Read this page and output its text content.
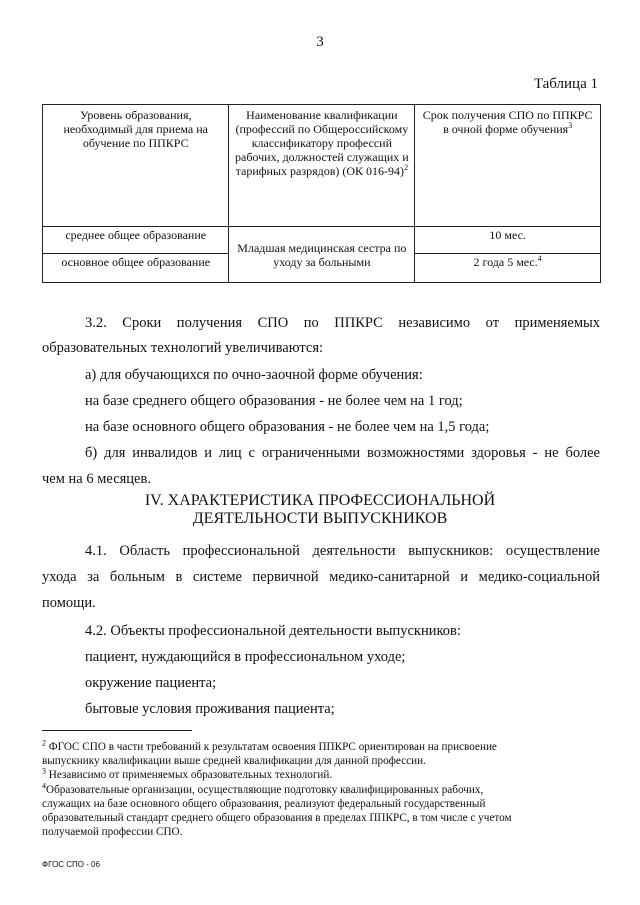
3
Таблица 1
Уровень образования, необходимый для приема на обучение по ППКРС	Наименование квалификации (профессий по Общероссийскому классификатору профессий рабочих, должностей служащих и тарифных разрядов) (ОК 016-94)$^2$	Срок получения СПО по ППКРС в очной форме обучения$^3$
среднее общее образование	Младшая медицинская сестра по уходу за больными	10 мес.
основное общее образование		2 года 5 мес.$^4$
3.2. Сроки получения СПО по ППКРС независимо от применяемых
образовательных технологий увеличиваются:
а) для обучающихся по очно-заочной форме обучения:
на базе среднего общего образования - не более чем на 1 год;
на базе основного общего образования - не более чем на 1,5 года;
б) для инвалидов и лиц с ограниченными возможностями здоровья - не более
чем на 6 месяцев.
IV. ХАРАКТЕРИСТИКА ПРОФЕССИОНАЛЬНОЙ
ДЕЯТЕЛЬНОСТИ ВЫПУСКНИКОВ
4.1. Область профессиональной деятельности выпускников: осуществление
ухода за больным в системе первичной медико-санитарной и медико-социальной
помощи.
4.2. Объекты профессиональной деятельности выпускников:
пациент, нуждающийся в профессиональном уходе;
окружение пациента;
бытовые условия проживания пациента;
$^2$ ФГОС СПО в части требований к результатам освоения ППКРС ориентирован на присвоение
выпускнику квалификации выше средней квалификации для данной профессии.
$^3$ Независимо от применяемых образовательных технологий.
$^4$Образовательные организации, осуществляющие подготовку квалифицированных рабочих,
служащих на базе основного общего образования, реализуют федеральный государственный
образовательный стандарт среднего общего образования в пределах ППКРС, в том числе с учетом
получаемой профессии СПО.
ФГОС СПО - 06
